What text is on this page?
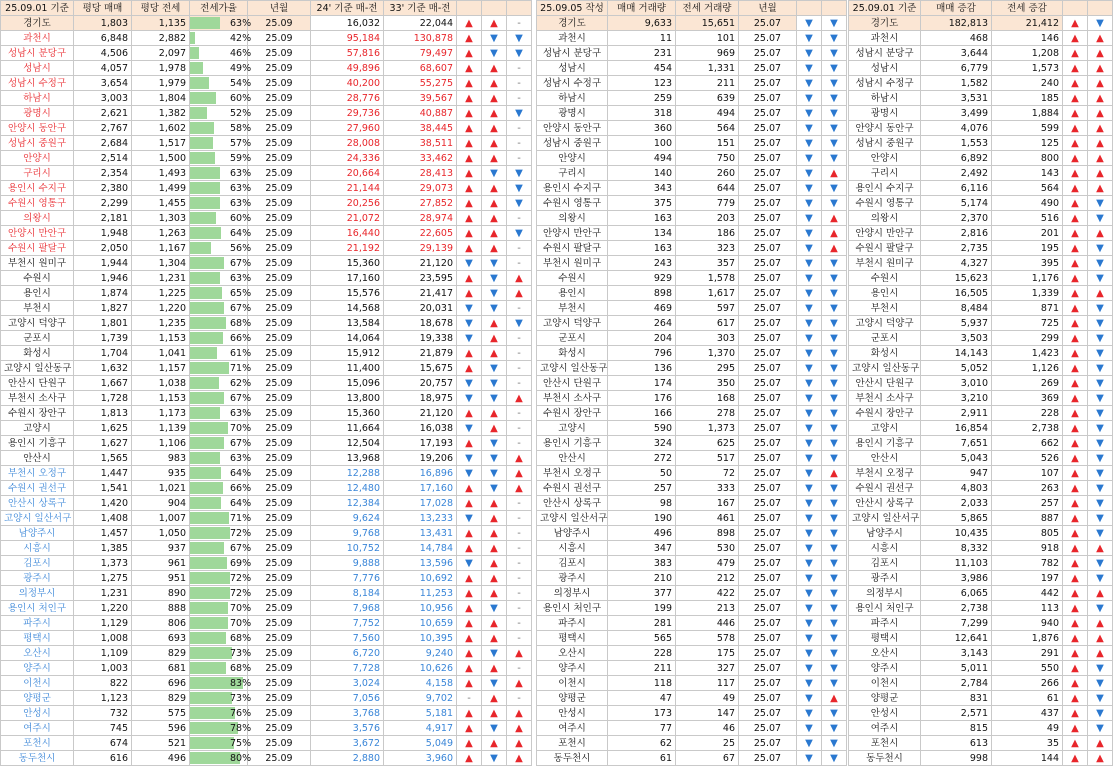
25.09.01 기준	평당 매매	평당 전세	전세가율	년월	24' 기준 매-전	33' 기준 매-전			
경기도	1,803	1,135	63%	25.09	16,032	22,044	▲	▲	-
과천시	6,848	2,882	42%	25.09	95,184	130,878	▲	▼	▼
성남시 분당구	4,506	2,097	46%	25.09	57,816	79,497	▲	▼	▼
성남시	4,057	1,978	49%	25.09	49,896	68,607	▲	▲	-
성남시 수정구	3,654	1,979	54%	25.09	40,200	55,275	▲	▲	-
하남시	3,003	1,804	60%	25.09	28,776	39,567	▲	▲	-
광명시	2,621	1,382	52%	25.09	29,736	40,887	▲	▲	▼
안양시 동안구	2,767	1,602	58%	25.09	27,960	38,445	▲	▲	-
성남시 중원구	2,684	1,517	57%	25.09	28,008	38,511	▲	▲	-
안양시	2,514	1,500	59%	25.09	24,336	33,462	▲	▲	-
구리시	2,354	1,493	63%	25.09	20,664	28,413	▲	▼	▼
용인시 수지구	2,380	1,499	63%	25.09	21,144	29,073	▲	▲	▼
수원시 영통구	2,299	1,455	63%	25.09	20,256	27,852	▲	▲	▼
의왕시	2,181	1,303	60%	25.09	21,072	28,974	▲	▲	-
안양시 만안구	1,948	1,263	64%	25.09	16,440	22,605	▲	▲	▼
수원시 팔달구	2,050	1,167	56%	25.09	21,192	29,139	▲	▲	-
부천시 원미구	1,944	1,304	67%	25.09	15,360	21,120	▼	▼	-
수원시	1,946	1,231	63%	25.09	17,160	23,595	▲	▼	▲
용인시	1,874	1,225	65%	25.09	15,576	21,417	▲	▼	▲
부천시	1,827	1,220	67%	25.09	14,568	20,031	▼	▼	-
고양시 덕양구	1,801	1,235	68%	25.09	13,584	18,678	▼	▲	▼
군포시	1,739	1,153	66%	25.09	14,064	19,338	▼	▲	-
화성시	1,704	1,041	61%	25.09	15,912	21,879	▲	▲	-
고양시 일산동구	1,632	1,157	71%	25.09	11,400	15,675	▲	▼	-
안산시 단원구	1,667	1,038	62%	25.09	15,096	20,757	▼	▼	-
부천시 소사구	1,728	1,153	67%	25.09	13,800	18,975	▼	▼	▲
수원시 장안구	1,813	1,173	63%	25.09	15,360	21,120	▲	▲	-
고양시	1,625	1,139	70%	25.09	11,664	16,038	▼	▲	-
용인시 기흥구	1,627	1,106	67%	25.09	12,504	17,193	▲	▼	-
안산시	1,565	983	63%	25.09	13,968	19,206	▼	▼	▲
부천시 오정구	1,447	935	64%	25.09	12,288	16,896	▼	▼	▲
수원시 권선구	1,541	1,021	66%	25.09	12,480	17,160	▲	▼	▲
안산시 상록구	1,420	904	64%	25.09	12,384	17,028	▲	▲	-
고양시 일산서구	1,408	1,007	71%	25.09	9,624	13,233	▼	▲	-
남양주시	1,457	1,050	72%	25.09	9,768	13,431	▲	▲	-
시흥시	1,385	937	67%	25.09	10,752	14,784	▲	▲	-
김포시	1,373	961	69%	25.09	9,888	13,596	▼	▲	-
광주시	1,275	951	72%	25.09	7,776	10,692	▲	▲	-
의정부시	1,231	890	72%	25.09	8,184	11,253	▲	▲	-
용인시 처인구	1,220	888	70%	25.09	7,968	10,956	▲	▼	-
파주시	1,129	806	70%	25.09	7,752	10,659	▲	▲	-
평택시	1,008	693	68%	25.09	7,560	10,395	▲	▲	-
오산시	1,109	829	73%	25.09	6,720	9,240	▲	▼	▲
양주시	1,003	681	68%	25.09	7,728	10,626	▲	▲	-
이천시	822	696	83%	25.09	3,024	4,158	▲	▼	▲
양평군	1,123	829	73%	25.09	7,056	9,702	-	▲	-
안성시	732	575	76%	25.09	3,768	5,181	▲	▲	▲
여주시	745	596	78%	25.09	3,576	4,917	▲	▼	▲
포천시	674	521	75%	25.09	3,672	5,049	▲	▲	▲
동두천시	616	496	80%	25.09	2,880	3,960	▲	▼	▲
25.09.05 작성	매매 거래량	전세 거래량	년월		
경기도	9,633	15,651	25.07	▼	▼
과천시	11	101	25.07	▼	▼
성남시 분당구	231	969	25.07	▼	▼
성남시	454	1,331	25.07	▼	▼
성남시 수정구	123	211	25.07	▼	▼
하남시	259	639	25.07	▼	▼
광명시	318	494	25.07	▼	▼
안양시 동안구	360	564	25.07	▼	▼
성남시 중원구	100	151	25.07	▼	▼
안양시	494	750	25.07	▼	▼
구리시	140	260	25.07	▼	▲
용인시 수지구	343	644	25.07	▼	▼
수원시 영통구	375	779	25.07	▼	▼
의왕시	163	203	25.07	▼	▲
안양시 만안구	134	186	25.07	▼	▲
수원시 팔달구	163	323	25.07	▼	▲
부천시 원미구	243	357	25.07	▼	▼
수원시	929	1,578	25.07	▼	▼
용인시	898	1,617	25.07	▼	▼
부천시	469	597	25.07	▼	▼
고양시 덕양구	264	617	25.07	▼	▼
군포시	204	303	25.07	▼	▼
화성시	796	1,370	25.07	▼	▼
고양시 일산동구	136	295	25.07	▼	▼
안산시 단원구	174	350	25.07	▼	▼
부천시 소사구	176	168	25.07	▼	▼
수원시 장안구	166	278	25.07	▼	▼
고양시	590	1,373	25.07	▼	▼
용인시 기흥구	324	625	25.07	▼	▼
안산시	272	517	25.07	▼	▼
부천시 오정구	50	72	25.07	▼	▲
수원시 권선구	257	333	25.07	▼	▼
안산시 상록구	98	167	25.07	▼	▼
고양시 일산서구	190	461	25.07	▼	▼
남양주시	496	898	25.07	▼	▼
시흥시	347	530	25.07	▼	▼
김포시	383	479	25.07	▼	▼
광주시	210	212	25.07	▼	▼
의정부시	377	422	25.07	▼	▼
용인시 처인구	199	213	25.07	▼	▼
파주시	281	446	25.07	▼	▼
평택시	565	578	25.07	▼	▼
오산시	228	175	25.07	▼	▼
양주시	211	327	25.07	▼	▼
이천시	118	117	25.07	▼	▼
양평군	47	49	25.07	▼	▲
안성시	173	147	25.07	▼	▼
여주시	77	46	25.07	▼	▼
포천시	62	25	25.07	▼	▼
동두천시	61	67	25.07	▼	▼
25.09.01 기준	매매 증감	전세 증감		
경기도	182,813	21,412	▲	▼
과천시	468	146	▲	▲
성남시 분당구	3,644	1,208	▲	▲
성남시	6,779	1,573	▲	▲
성남시 수정구	1,582	240	▲	▲
하남시	3,531	185	▲	▲
광명시	3,499	1,884	▲	▲
안양시 동안구	4,076	599	▲	▲
성남시 중원구	1,553	125	▲	▲
안양시	6,892	800	▲	▲
구리시	2,492	143	▲	▲
용인시 수지구	6,116	564	▲	▲
수원시 영통구	5,174	490	▲	▼
의왕시	2,370	516	▲	▼
안양시 만안구	2,816	201	▲	▲
수원시 팔달구	2,735	195	▲	▼
부천시 원미구	4,327	395	▲	▼
수원시	15,623	1,176	▲	▼
용인시	16,505	1,339	▲	▲
부천시	8,484	871	▲	▼
고양시 덕양구	5,937	725	▲	▼
군포시	3,503	299	▲	▼
화성시	14,143	1,423	▲	▼
고양시 일산동구	5,052	1,126	▲	▼
안산시 단원구	3,010	269	▲	▼
부천시 소사구	3,210	369	▲	▼
수원시 장안구	2,911	228	▲	▼
고양시	16,854	2,738	▲	▼
용인시 기흥구	7,651	662	▲	▼
안산시	5,043	526	▲	▼
부천시 오정구	947	107	▲	▼
수원시 권선구	4,803	263	▲	▼
안산시 상록구	2,033	257	▲	▼
고양시 일산서구	5,865	887	▲	▼
남양주시	10,435	805	▲	▼
시흥시	8,332	918	▲	▲
김포시	11,103	782	▲	▼
광주시	3,986	197	▲	▼
의정부시	6,065	442	▲	▲
용인시 처인구	2,738	113	▲	▼
파주시	7,299	940	▲	▲
평택시	12,641	1,876	▲	▲
오산시	3,143	291	▲	▲
양주시	5,011	550	▲	▼
이천시	2,784	266	▲	▼
양평군	831	61	▲	▼
안성시	2,571	437	▲	▼
여주시	815	49	▲	▼
포천시	613	35	▲	▲
동두천시	998	144	▲	▲
